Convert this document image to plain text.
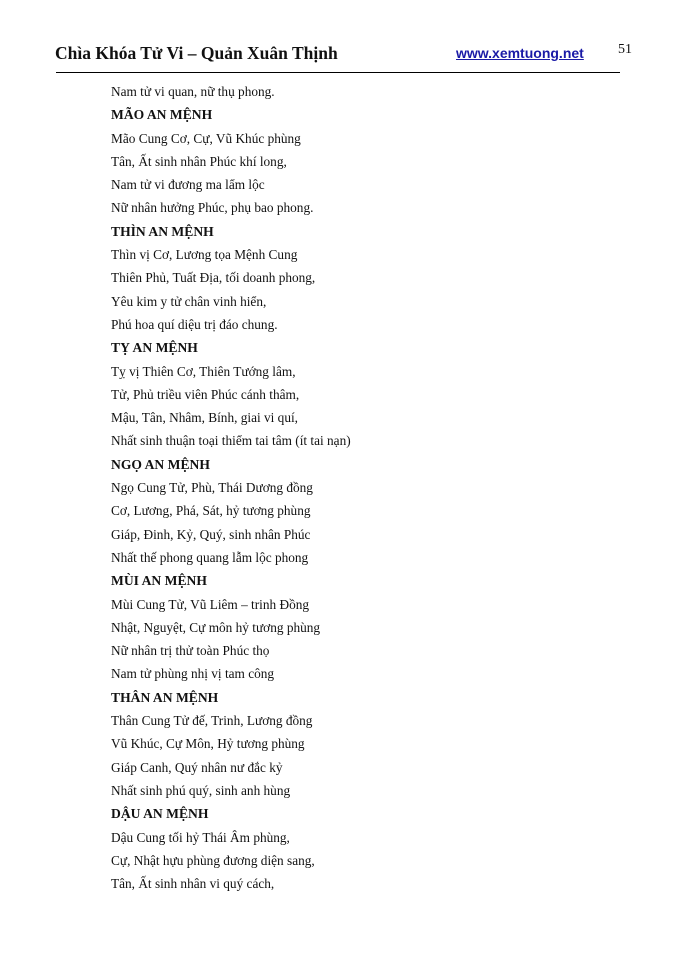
Chìa Khóa Tử Vi – Quản Xuân Thịnh	www.xemtuong.net 51
Nam tử vi quan, nữ thụ phong.
MÃO AN MỆNH
Mão Cung Cơ, Cự, Vũ Khúc phùng
Tân, Ất sinh nhân Phúc khí long,
Nam tử vi đương ma lẩm lộc
Nữ nhân hưởng Phúc, phụ bao phong.
THÌN AN MỆNH
Thìn vị Cơ, Lương tọa Mệnh Cung
Thiên Phủ, Tuất Địa, tối doanh phong,
Yêu kim y tử chân vinh hiển,
Phú hoa quí diệu trị đáo chung.
TỴ AN MỆNH
Tỵ vị Thiên Cơ, Thiên Tướng lâm,
Tử, Phủ triều viên Phúc cánh thâm,
Mậu, Tân, Nhâm, Bính, giai vi quí,
Nhất sinh thuận toại thiểm tai tâm (ít tai nạn)
NGỌ AN MỆNH
Ngọ Cung Tử, Phù, Thái Dương đồng
Cơ, Lương, Phá, Sát, hỷ tương phùng
Giáp, Đinh, Kỷ, Quý, sinh nhân Phúc
Nhất thế phong quang lẫm lộc phong
MÙI AN MỆNH
Mùi Cung Tử, Vũ Liêm – trinh Đồng
Nhật, Nguyệt, Cự môn hỷ tương phùng
Nữ nhân trị thử toàn Phúc thọ
Nam tử phùng nhị vị tam công
THÂN AN MỆNH
Thân Cung Tử đế, Trinh, Lương đồng
Vũ Khúc, Cự Môn, Hỷ tương phùng
Giáp Canh, Quý nhân nư đắc kỷ
Nhất sinh phú quý, sinh anh hùng
DẬU AN MỆNH
Dậu Cung tối hỷ Thái Âm phùng,
Cự, Nhật hựu phùng đương diện sang,
Tân, Ất sinh nhân vi quý cách,
